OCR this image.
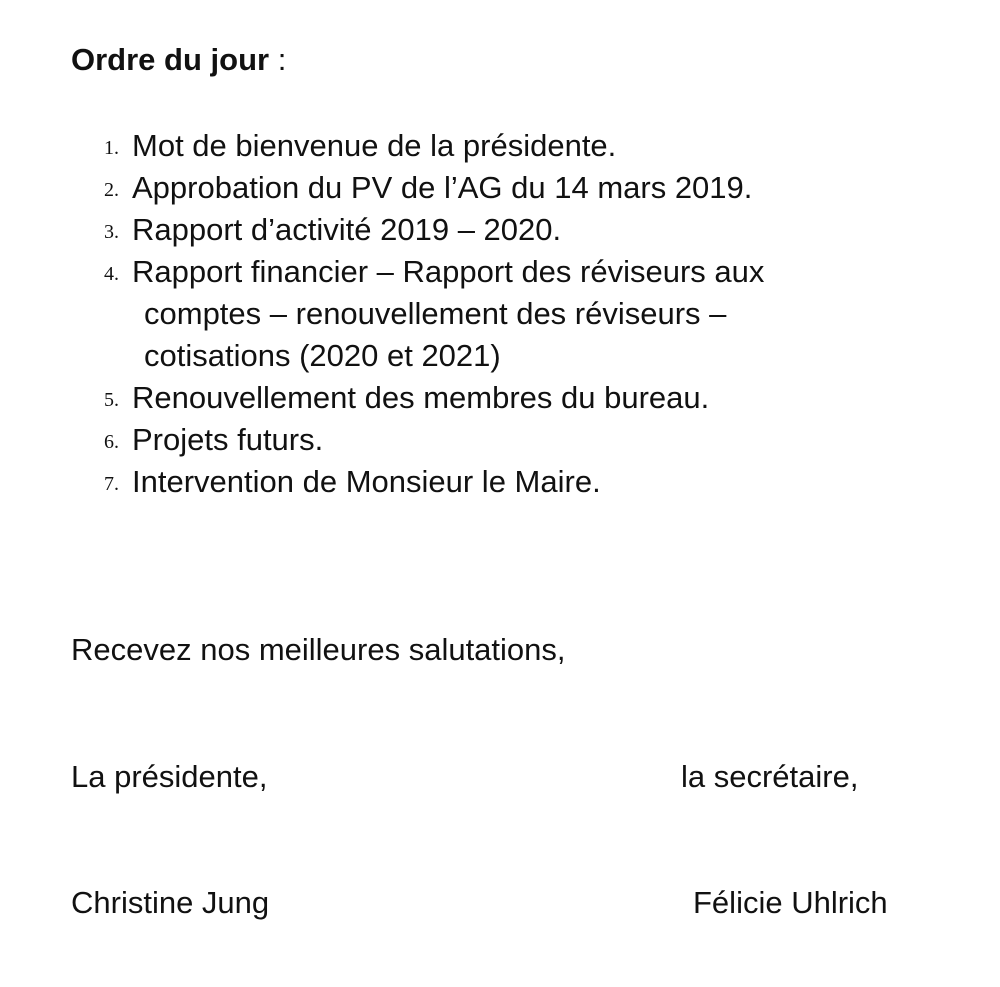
Ordre du jour :
1. Mot de bienvenue de la présidente.
2. Approbation du PV de l’AG du 14 mars 2019.
3. Rapport d’activité 2019 – 2020.
4. Rapport financier – Rapport des réviseurs aux
comptes – renouvellement des réviseurs –
cotisations (2020 et 2021)
5. Renouvellement des membres du bureau.
6. Projets futurs.
7. Intervention de Monsieur le Maire.
Recevez nos meilleures salutations,
La présidente,	la secrétaire,
Christine Jung	Félicie Uhlrich
